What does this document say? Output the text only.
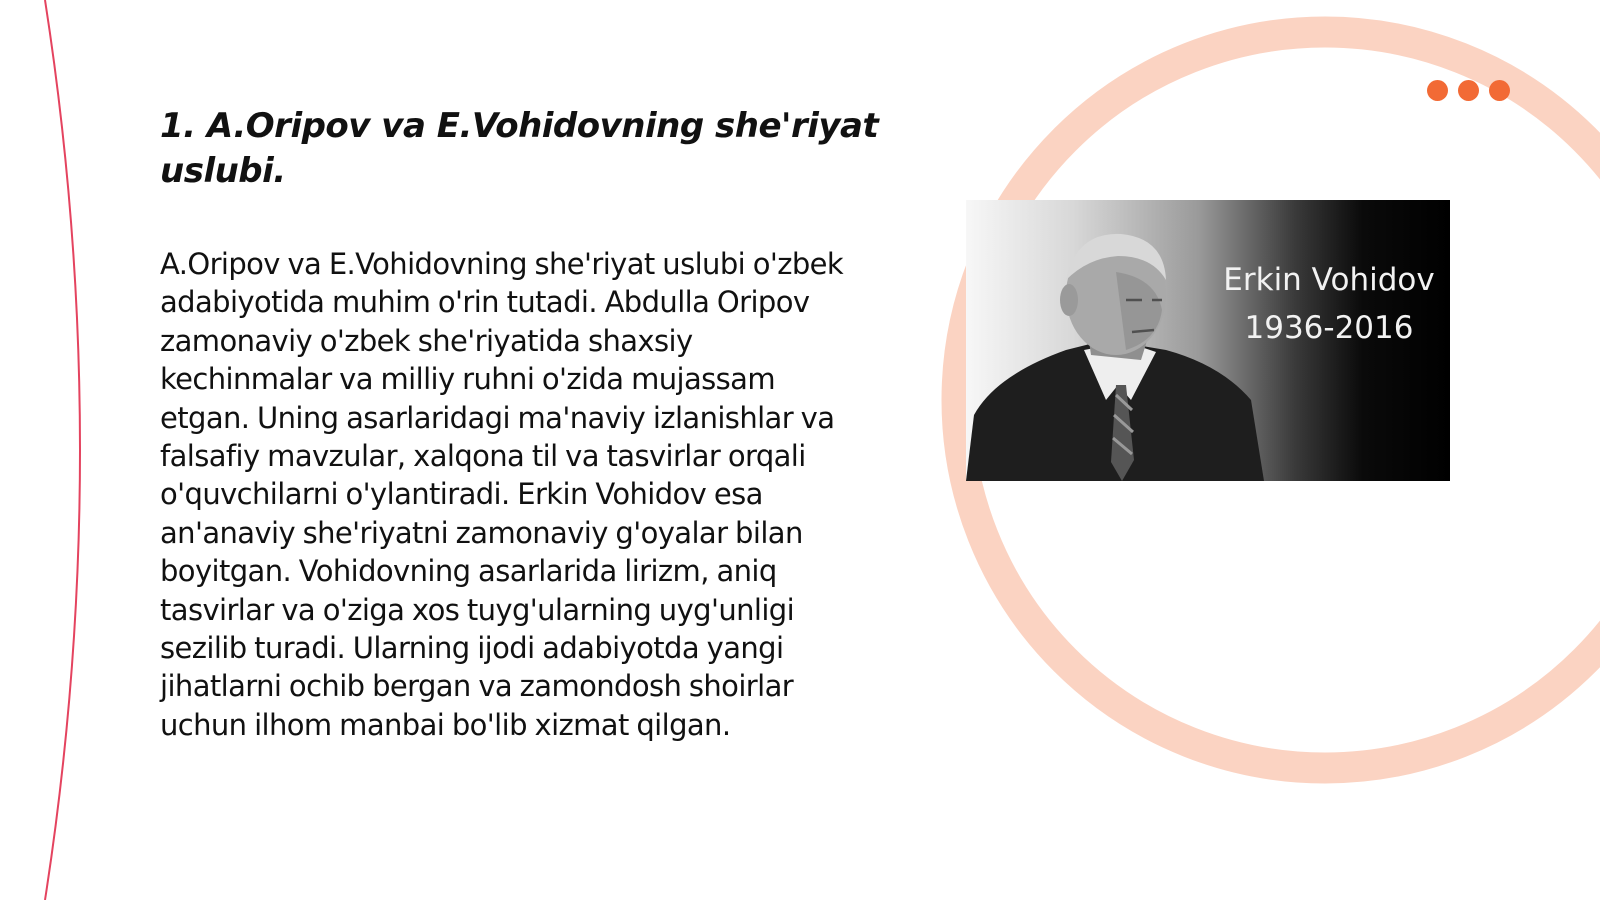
1. A.Oripov va E.Vohidovning she'riyat uslubi.
A.Oripov va E.Vohidovning she'riyat uslubi o'zbek adabiyotida muhim o'rin tutadi. Abdulla Oripov zamonaviy o'zbek she'riyatida shaxsiy kechinmalar va milliy ruhni o'zida mujassam etgan. Uning asarlaridagi ma'naviy izlanishlar va falsafiy mavzular, xalqona til va tasvirlar orqali o'quvchilarni o'ylantiradi. Erkin Vohidov esa an'anaviy she'riyatni zamonaviy g'oyalar bilan boyitgan. Vohidovning asarlarida lirizm, aniq tasvirlar va o'ziga xos tuyg'ularning uyg'unligi sezilib turadi. Ularning ijodi adabiyotda yangi jihatlarni ochib bergan va zamondosh shoirlar uchun ilhom manbai bo'lib xizmat qilgan.
Erkin Vohidov
1936-2016
